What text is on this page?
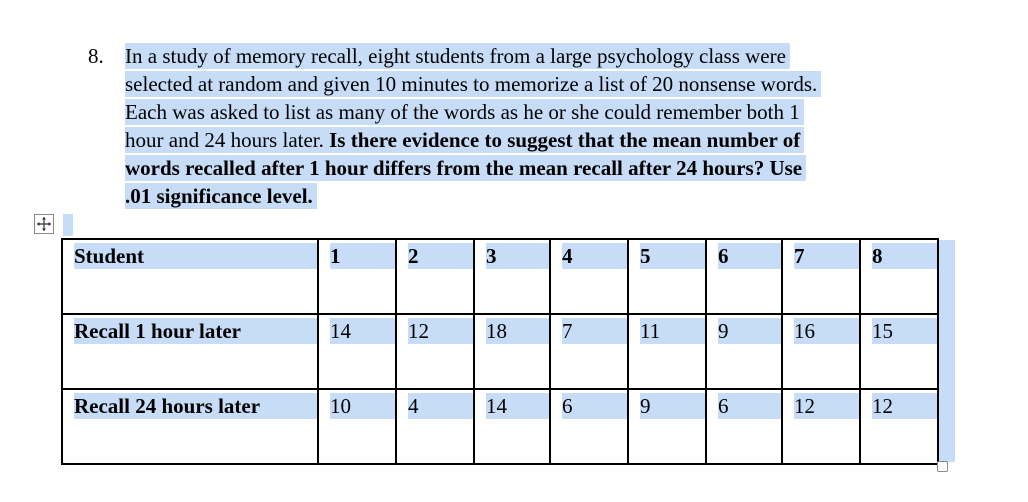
8. In a study of memory recall, eight students from a large psychology class were
selected at random and given 10 minutes to memorize a list of 20 nonsense words.
Each was asked to list as many of the words as he or she could remember both 1
hour and 24 hours later. Is there evidence to suggest that the mean number of
words recalled after 1 hour differs from the mean recall after 24 hours? Use
.01 significance level.
Student	1	2	3	4	5	6	7	8

Recall 1 hour later	14	12	18	7	11	9	16	15

Recall 24 hours later	10	4	14	6	9	6	12	12
